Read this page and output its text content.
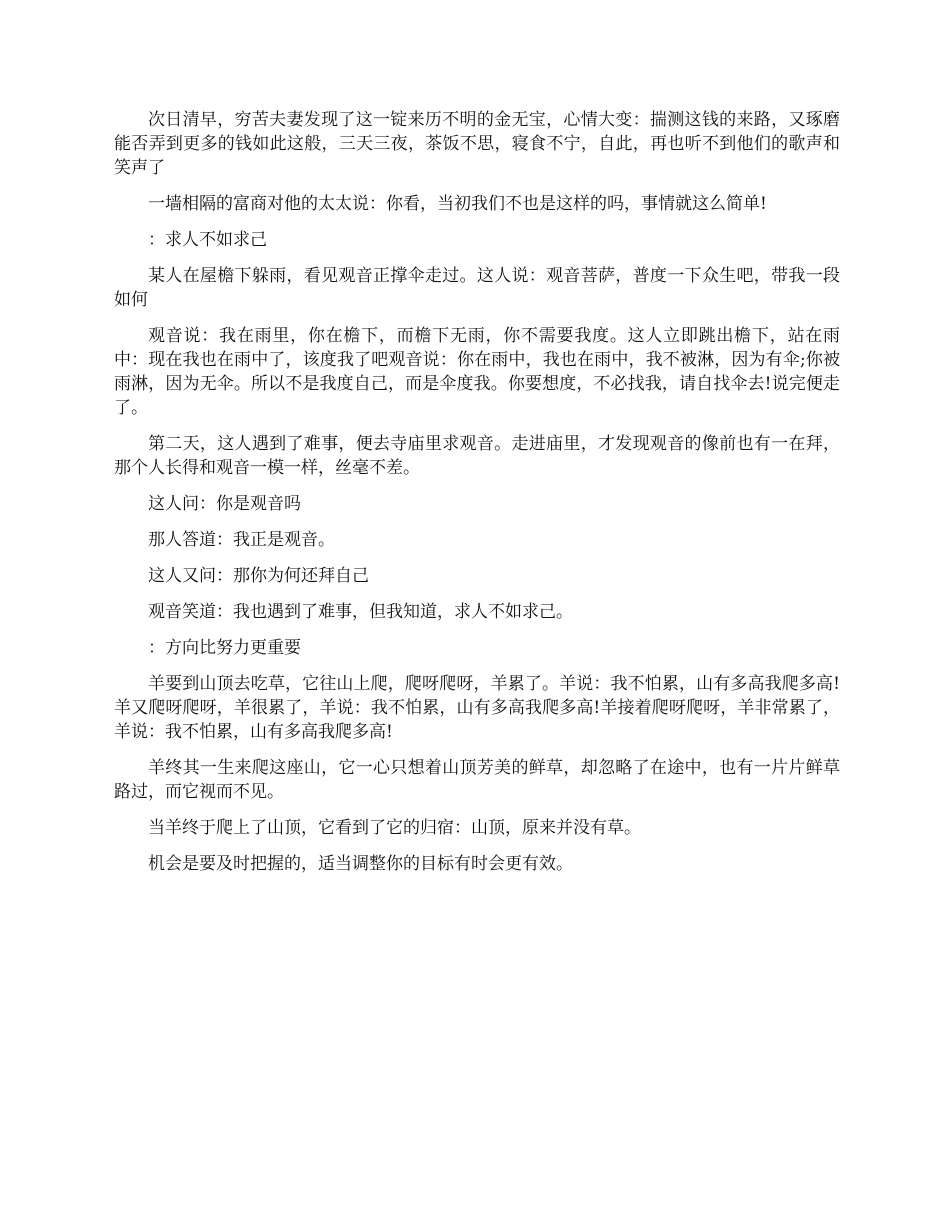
次日清早，穷苦夫妻发现了这一锭来历不明的金无宝，心情大变：揣测这钱的来路，又琢磨能否弄到更多的钱如此这般，三天三夜，茶饭不思，寝食不宁，自此，再也听不到他们的歌声和笑声了

一墙相隔的富商对他的太太说：你看，当初我们不也是这样的吗，事情就这么简单!

：求人不如求己

某人在屋檐下躲雨，看见观音正撑伞走过。这人说：观音菩萨，普度一下众生吧，带我一段如何

观音说：我在雨里，你在檐下，而檐下无雨，你不需要我度。这人立即跳出檐下，站在雨中：现在我也在雨中了，该度我了吧观音说：你在雨中，我也在雨中，我不被淋，因为有伞;你被雨淋，因为无伞。所以不是我度自己，而是伞度我。你要想度，不必找我，请自找伞去!说完便走了。

第二天，这人遇到了难事，便去寺庙里求观音。走进庙里，才发现观音的像前也有一在拜，那个人长得和观音一模一样，丝毫不差。

这人问：你是观音吗

那人答道：我正是观音。

这人又问：那你为何还拜自己

观音笑道：我也遇到了难事，但我知道，求人不如求己。

：方向比努力更重要

羊要到山顶去吃草，它往山上爬，爬呀爬呀，羊累了。羊说：我不怕累，山有多高我爬多高!羊又爬呀爬呀，羊很累了，羊说：我不怕累，山有多高我爬多高!羊接着爬呀爬呀，羊非常累了，羊说：我不怕累，山有多高我爬多高!

羊终其一生来爬这座山，它一心只想着山顶芳美的鲜草，却忽略了在途中，也有一片片鲜草路过，而它视而不见。

当羊终于爬上了山顶，它看到了它的归宿：山顶，原来并没有草。

机会是要及时把握的，适当调整你的目标有时会更有效。
